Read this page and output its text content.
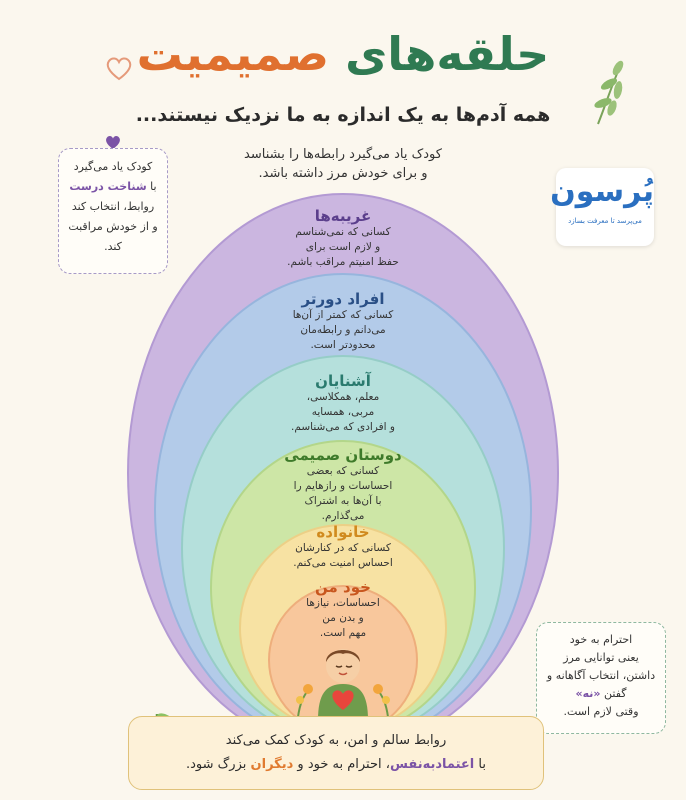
حلقه‌های صمیمیت
همه آدم‌ها به یک اندازه به ما نزدیک نیستند...
کودک یاد می‌گیرد رابطه‌ها را بشناسد
و برای خودش مرز داشته باشد.
پُرسون
می‌پرسد تا معرفت بسازد
غریبه‌ها
کسانی که نمی‌شناسم
و لازم است برای
حفظ امنیتم مراقب باشم.
افراد دورتر
کسانی که کمتر از آن‌ها
می‌دانم و رابطه‌مان
محدودتر است.
آشنایان
معلم، همکلاسی،
مربی، همسایه
و افرادی که می‌شناسم.
دوستان صمیمی
کسانی که بعضی
احساسات و رازهایم را
با آن‌ها به اشتراک
می‌گذارم.
خانواده
کسانی که در کنارشان
احساس امنیت می‌کنم.
خود من
احساسات، نیازها
و بدن من
مهم است.
کودک یاد می‌گیرد
با شناخت درست
روابط، انتخاب کند
و از خودش مراقبت
کند.
احترام به خود
یعنی توانایی مرز
داشتن، انتخاب آگاهانه و
گفتن «نه»
وقتی لازم است.
روابط سالم و امن، به کودک کمک می‌کند
با اعتمادبه‌نفس، احترام به خود و دیگران بزرگ شود.
